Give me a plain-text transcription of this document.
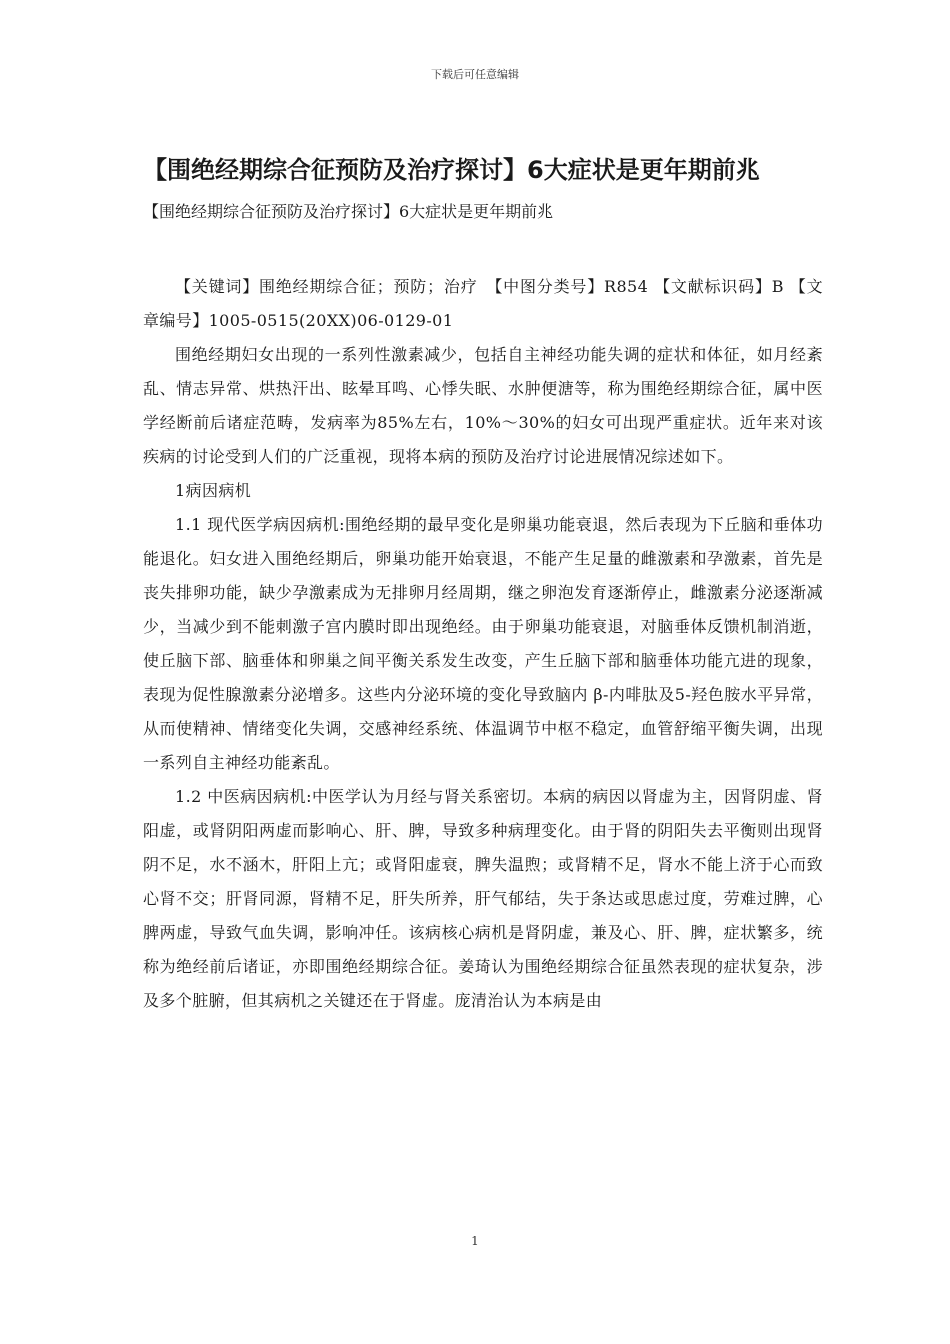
下载后可任意编辑
【围绝经期综合征预防及治疗探讨】6大症状是更年期前兆

【围绝经期综合征预防及治疗探讨】6大症状是更年期前兆

【关键词】围绝经期综合征；预防；治疗　【中图分类号】R854 【文献标识码】B 【文章编号】1005-0515(20XX)06-0129-01

围绝经期妇女出现的一系列性激素减少，包括自主神经功能失调的症状和体征，如月经紊乱、情志异常、烘热汗出、眩晕耳鸣、心悸失眠、水肿便溏等，称为围绝经期综合征，属中医学经断前后诸症范畴，发病率为85%左右，10%～30%的妇女可出现严重症状。近年来对该疾病的讨论受到人们的广泛重视，现将本病的预防及治疗讨论进展情况综述如下。

1病因病机

1.1 现代医学病因病机:围绝经期的最早变化是卵巢功能衰退，然后表现为下丘脑和垂体功能退化。妇女进入围绝经期后，卵巢功能开始衰退，不能产生足量的雌激素和孕激素，首先是丧失排卵功能，缺少孕激素成为无排卵月经周期，继之卵泡发育逐渐停止，雌激素分泌逐渐减少，当减少到不能刺激子宫内膜时即出现绝经。由于卵巢功能衰退，对脑垂体反馈机制消逝，使丘脑下部、脑垂体和卵巢之间平衡关系发生改变，产生丘脑下部和脑垂体功能亢进的现象，表现为促性腺激素分泌增多。这些内分泌环境的变化导致脑内 β-内啡肽及5-羟色胺水平异常，从而使精神、情绪变化失调，交感神经系统、体温调节中枢不稳定，血管舒缩平衡失调，出现一系列自主神经功能紊乱。

1.2 中医病因病机:中医学认为月经与肾关系密切。本病的病因以肾虚为主，因肾阴虚、肾阳虚，或肾阴阳两虚而影响心、肝、脾，导致多种病理变化。由于肾的阴阳失去平衡则出现肾阴不足，水不涵木，肝阳上亢；或肾阳虚衰，脾失温煦；或肾精不足，肾水不能上济于心而致心肾不交；肝肾同源，肾精不足，肝失所养，肝气郁结，失于条达或思虑过度，劳难过脾，心脾两虚，导致气血失调，影响冲任。该病核心病机是肾阴虚，兼及心、肝、脾，症状繁多，统称为绝经前后诸证，亦即围绝经期综合征。姜琦认为围绝经期综合征虽然表现的症状复杂，涉及多个脏腑，但其病机之关键还在于肾虚。庞清治认为本病是由

1
